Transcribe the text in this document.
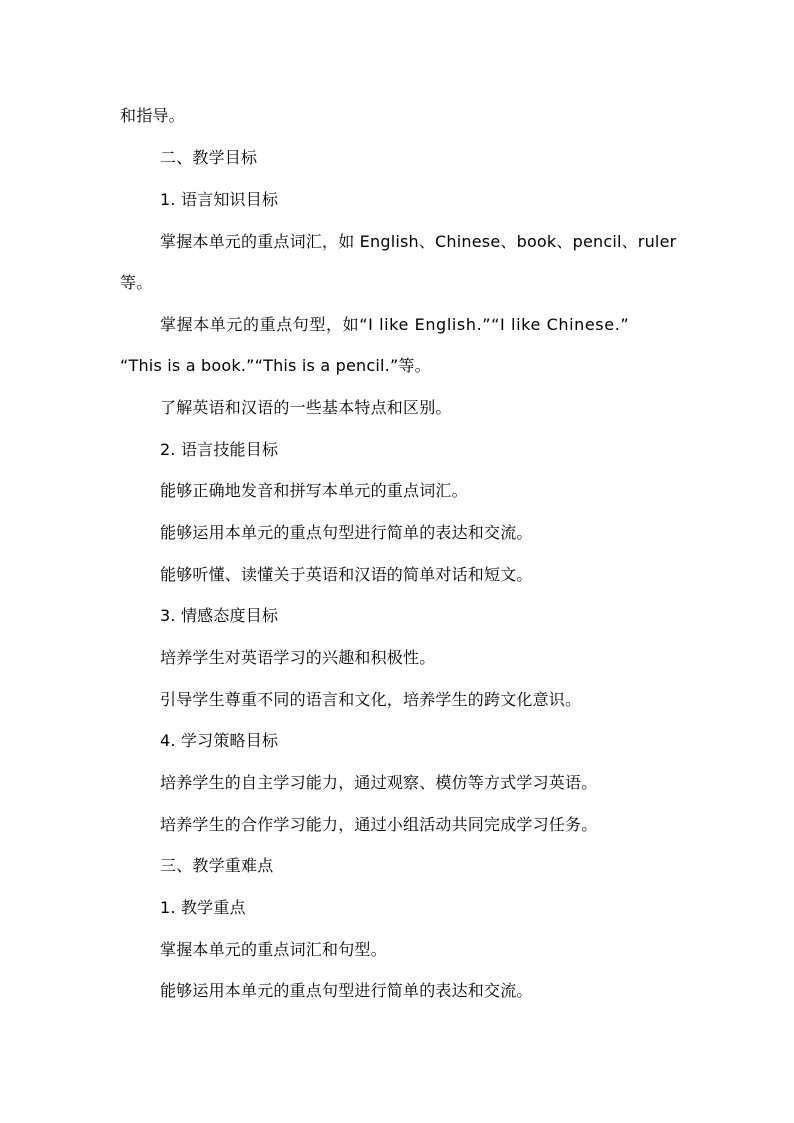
和指导。
二、教学目标
1. 语言知识目标
掌握本单元的重点词汇，如 English、Chinese、book、pencil、ruler
等。
掌握本单元的重点句型，如“I like English.”“I like Chinese.”
“This is a book.”“This is a pencil.”等。
了解英语和汉语的一些基本特点和区别。
2. 语言技能目标
能够正确地发音和拼写本单元的重点词汇。
能够运用本单元的重点句型进行简单的表达和交流。
能够听懂、读懂关于英语和汉语的简单对话和短文。
3. 情感态度目标
培养学生对英语学习的兴趣和积极性。
引导学生尊重不同的语言和文化，培养学生的跨文化意识。
4. 学习策略目标
培养学生的自主学习能力，通过观察、模仿等方式学习英语。
培养学生的合作学习能力，通过小组活动共同完成学习任务。
三、教学重难点
1. 教学重点
掌握本单元的重点词汇和句型。
能够运用本单元的重点句型进行简单的表达和交流。
